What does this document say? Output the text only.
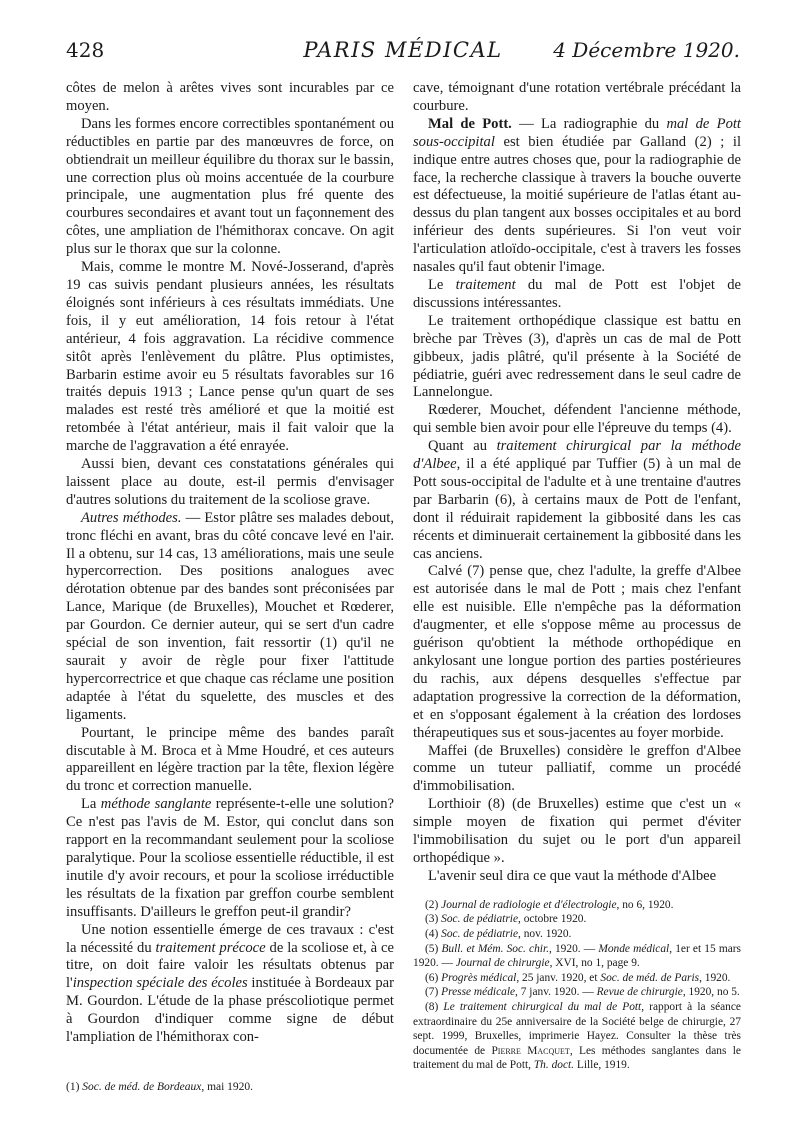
428	PARIS MÉDICAL	4 Décembre 1920.

côtes de melon à arêtes vives sont incurables par ce moyen.

Dans les formes encore correctibles spontanément ou réductibles en partie par des manœuvres de force, on obtiendrait un meilleur équilibre du thorax sur le bassin, une correction plus où moins accentuée de la courbure principale, une augmentation plus fré quente des courbures secondaires et avant tout un façonnement des côtes, une ampliation de l'hémithorax concave. On agit plus sur le thorax que sur la colonne.

Mais, comme le montre M. Nové-Josserand, d'après 19 cas suivis pendant plusieurs années, les résultats éloignés sont inférieurs à ces résultats immédiats. Une fois, il y eut amélioration, 14 fois retour à l'état antérieur, 4 fois aggravation. La récidive commence sitôt après l'enlèvement du plâtre. Plus optimistes, Barbarin estime avoir eu 5 résultats favorables sur 16 traités depuis 1913 ; Lance pense qu'un quart de ses malades est resté très amélioré et que la moitié est retombée à l'état antérieur, mais il fait valoir que la marche de l'aggravation a été enrayée.

Aussi bien, devant ces constatations générales qui laissent place au doute, est-il permis d'envisager d'autres solutions du traitement de la scoliose grave.

Autres méthodes. — Estor plâtre ses malades debout, tronc fléchi en avant, bras du côté concave levé en l'air. Il a obtenu, sur 14 cas, 13 améliorations, mais une seule hypercorrection. Des positions analogues avec dérotation obtenue par des bandes sont préconisées par Lance, Marique (de Bruxelles), Mouchet et Rœderer, par Gourdon. Ce dernier auteur, qui se sert d'un cadre spécial de son invention, fait ressortir (1) qu'il ne saurait y avoir de règle pour fixer l'attitude hypercorrectrice et que chaque cas réclame une position adaptée à l'état du squelette, des muscles et des ligaments.

Pourtant, le principe même des bandes paraît discutable à M. Broca et à Mme Houdré, et ces auteurs appareillent en légère traction par la tête, flexion légère du tronc et correction manuelle.

La méthode sanglante représente-t-elle une solution? Ce n'est pas l'avis de M. Estor, qui conclut dans son rapport en la recommandant seulement pour la scoliose paralytique. Pour la scoliose essentielle réductible, il est inutile d'y avoir recours, et pour la scoliose irréductible les résultats de la fixation par greffon courbe semblent insuffisants. D'ailleurs le greffon peut-il grandir?

Une notion essentielle émerge de ces travaux : c'est la nécessité du traitement précoce de la scoliose et, à ce titre, on doit faire valoir les résultats obtenus par l'inspection spéciale des écoles instituée à Bordeaux par M. Gourdon. L'étude de la phase préscoliotique permet à Gourdon d'indiquer comme signe de début l'ampliation de l'hémithorax con-

(1) Soc. de méd. de Bordeaux, mai 1920.

cave, témoignant d'une rotation vertébrale précédant la courbure.

Mal de Pott. — La radiographie du mal de Pott sous-occipital est bien étudiée par Galland (2) ; il indique entre autres choses que, pour la radiographie de face, la recherche classique à travers la bouche ouverte est défectueuse, la moitié supérieure de l'atlas étant au-dessus du plan tangent aux bosses occipitales et au bord inférieur des dents supérieures. Si l'on veut voir l'articulation atloïdo-occipitale, c'est à travers les fosses nasales qu'il faut obtenir l'image.

Le traitement du mal de Pott est l'objet de discussions intéressantes.

Le traitement orthopédique classique est battu en brèche par Trèves (3), d'après un cas de mal de Pott gibbeux, jadis plâtré, qu'il présente à la Société de pédiatrie, guéri avec redressement dans le seul cadre de Lannelongue.

Rœderer, Mouchet, défendent l'ancienne méthode, qui semble bien avoir pour elle l'épreuve du temps (4).

Quant au traitement chirurgical par la méthode d'Albee, il a été appliqué par Tuffier (5) à un mal de Pott sous-occipital de l'adulte et à une trentaine d'autres par Barbarin (6), à certains maux de Pott de l'enfant, dont il réduirait rapidement la gibbosité dans les cas récents et diminuerait certainement la gibbosité dans les cas anciens.

Calvé (7) pense que, chez l'adulte, la greffe d'Albee est autorisée dans le mal de Pott ; mais chez l'enfant elle est nuisible. Elle n'empêche pas la déformation d'augmenter, et elle s'oppose même au processus de guérison qu'obtient la méthode orthopédique en ankylosant une longue portion des parties postérieures du rachis, aux dépens desquelles s'effectue par adaptation progressive la correction de la déformation, et en s'opposant également à la création des lordoses thérapeutiques sus et sous-jacentes au foyer morbide.

Maffei (de Bruxelles) considère le greffon d'Albee comme un tuteur palliatif, comme un procédé d'immobilisation.

Lorthioir (8) (de Bruxelles) estime que c'est un « simple moyen de fixation qui permet d'éviter l'immobilisation du sujet ou le port d'un appareil orthopédique ».

L'avenir seul dira ce que vaut la méthode d'Albee

(2) Journal de radiologie et d'électrologie, no 6, 1920.

(3) Soc. de pédiatrie, octobre 1920.

(4) Soc. de pédiatrie, nov. 1920.

(5) Bull. et Mém. Soc. chir., 1920. — Monde médical, 1er et 15 mars 1920. — Journal de chirurgie, XVI, no 1, page 9.

(6) Progrès médical, 25 janv. 1920, et Soc. de méd. de Paris, 1920.

(7) Presse médicale, 7 janv. 1920. — Revue de chirurgie, 1920, no 5.

(8) Le traitement chirurgical du mal de Pott, rapport à la séance extraordinaire du 25e anniversaire de la Société belge de chirurgie, 27 sept. 1999, Bruxelles, imprimerie Hayez. Consulter la thèse très documentée de Pierre Macquet, Les méthodes sanglantes dans le traitement du mal de Pott, Th. doct. Lille, 1919.
